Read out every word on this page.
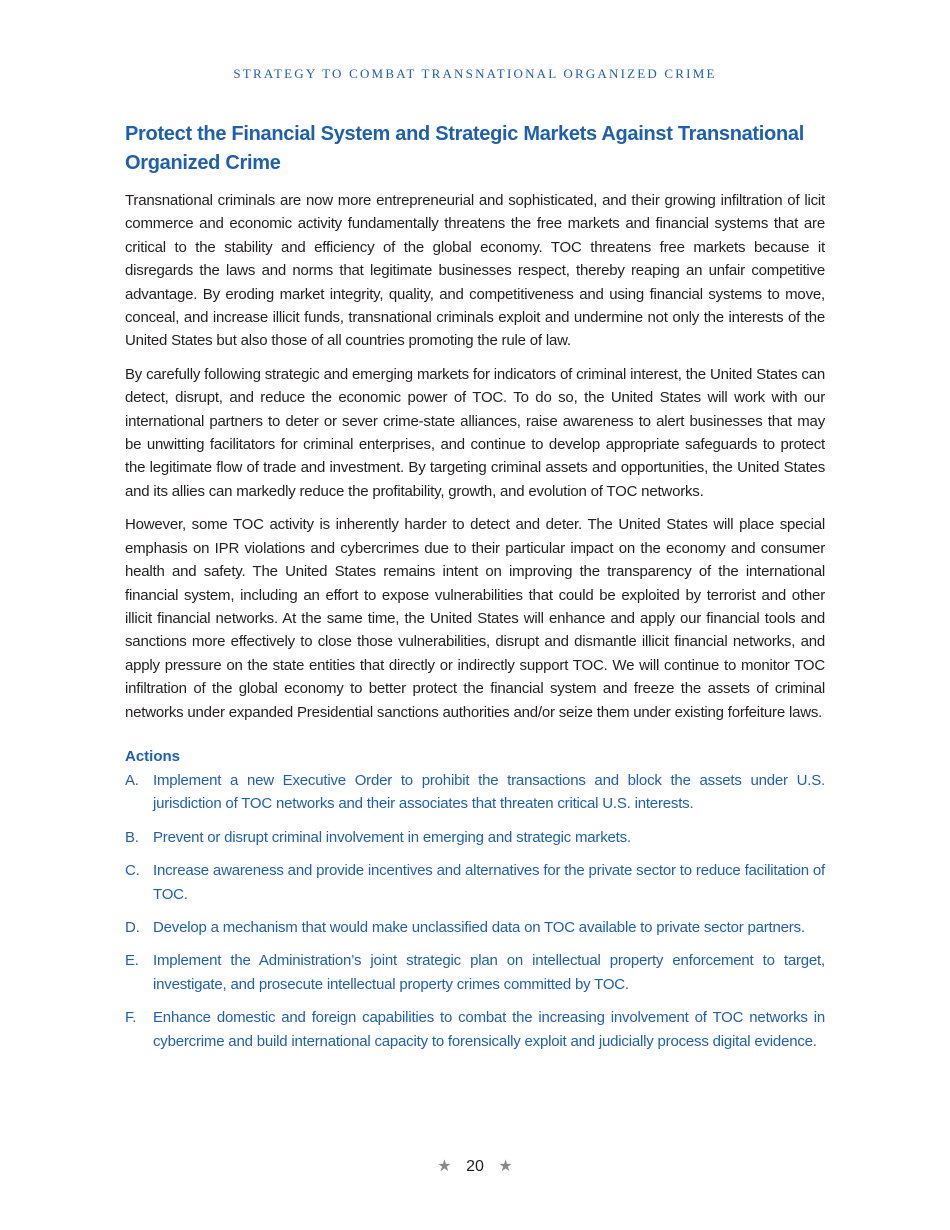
STRATEGY TO COMBAT TRANSNATIONAL ORGANIZED CRIME
Protect the Financial System and Strategic Markets Against Transnational Organized Crime

Transnational criminals are now more entrepreneurial and sophisticated, and their growing infiltration of licit commerce and economic activity fundamentally threatens the free markets and financial systems that are critical to the stability and efficiency of the global economy. TOC threatens free markets because it disregards the laws and norms that legitimate businesses respect, thereby reaping an unfair competitive advantage. By eroding market integrity, quality, and competitiveness and using financial systems to move, conceal, and increase illicit funds, transnational criminals exploit and undermine not only the interests of the United States but also those of all countries promoting the rule of law.

By carefully following strategic and emerging markets for indicators of criminal interest, the United States can detect, disrupt, and reduce the economic power of TOC. To do so, the United States will work with our international partners to deter or sever crime-state alliances, raise awareness to alert businesses that may be unwitting facilitators for criminal enterprises, and continue to develop appropriate safeguards to protect the legitimate flow of trade and investment. By targeting criminal assets and opportunities, the United States and its allies can markedly reduce the profitability, growth, and evolution of TOC networks.

However, some TOC activity is inherently harder to detect and deter. The United States will place special emphasis on IPR violations and cybercrimes due to their particular impact on the economy and consumer health and safety. The United States remains intent on improving the transparency of the international financial system, including an effort to expose vulnerabilities that could be exploited by terrorist and other illicit financial networks. At the same time, the United States will enhance and apply our financial tools and sanctions more effectively to close those vulnerabilities, disrupt and dismantle illicit financial networks, and apply pressure on the state entities that directly or indirectly support TOC. We will continue to monitor TOC infiltration of the global economy to better protect the financial system and freeze the assets of criminal networks under expanded Presidential sanctions authorities and/or seize them under existing forfeiture laws.

Actions
A. Implement a new Executive Order to prohibit the transactions and block the assets under U.S. jurisdiction of TOC networks and their associates that threaten critical U.S. interests.
B. Prevent or disrupt criminal involvement in emerging and strategic markets.
C. Increase awareness and provide incentives and alternatives for the private sector to reduce facilitation of TOC.
D. Develop a mechanism that would make unclassified data on TOC available to private sector partners.
E. Implement the Administration’s joint strategic plan on intellectual property enforcement to target, investigate, and prosecute intellectual property crimes committed by TOC.
F.	Enhance domestic and foreign capabilities to combat the increasing involvement of TOC networks in cybercrime and build international capacity to forensically exploit and judicially process digital evidence.
★ 20 ★
